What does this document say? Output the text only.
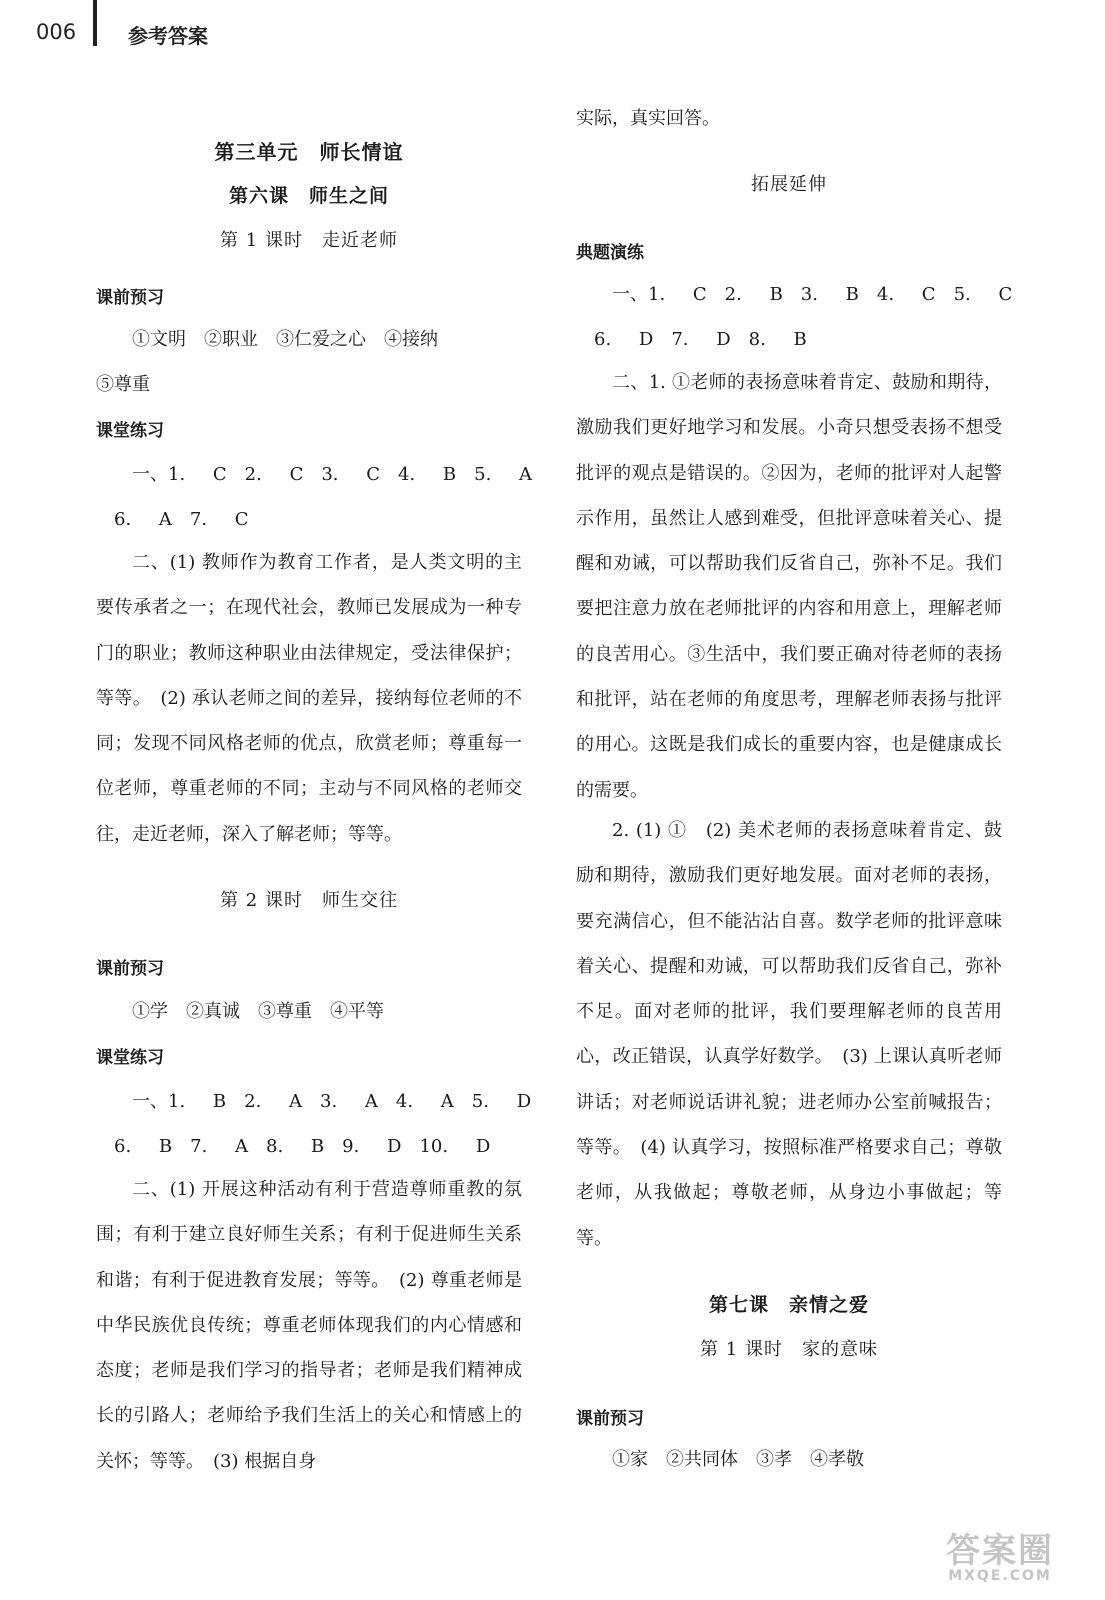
006	参考答案
第三单元　师长情谊
第六课　师生之间
第 1 课时　走近老师
课前预习
①文明　②职业　③仁爱之心　④接纳
⑤尊重
课堂练习
一、1. C　2. C　3. C　4. B　5. A
6. A　7. C

二、(1) 教师作为教育工作者，是人类文明的主要传承者之一；在现代社会，教师已发展成为一种专门的职业；教师这种职业由法律规定，受法律保护；等等。　(2) 承认老师之间的差异，接纳每位老师的不同；发现不同风格老师的优点，欣赏老师；尊重每一位老师，尊重老师的不同；主动与不同风格的老师交往，走近老师，深入了解老师；等等。

第 2 课时　师生交往
课前预习
①学　②真诚　③尊重　④平等
课堂练习
一、1. B　2. A　3. A　4. A　5. D
6. B　7. A　8. B　9. D　10. D

二、(1) 开展这种活动有利于营造尊师重教的氛围；有利于建立良好师生关系；有利于促进师生关系和谐；有利于促进教育发展；等等。　(2) 尊重老师是中华民族优良传统；尊重老师体现我们的内心情感和态度；老师是我们学习的指导者；老师是我们精神成长的引路人；老师给予我们生活上的关心和情感上的关怀；等等。　(3) 根据自身

实际，真实回答。
拓展延伸
典题演练
一、1. C　2. B　3. B　4. C　5. C
6. D　7. D　8. B

二、1. ①老师的表扬意味着肯定、鼓励和期待，激励我们更好地学习和发展。小奇只想受表扬不想受批评的观点是错误的。②因为，老师的批评对人起警示作用，虽然让人感到难受，但批评意味着关心、提醒和劝诫，可以帮助我们反省自己，弥补不足。我们要把注意力放在老师批评的内容和用意上，理解老师的良苦用心。③生活中，我们要正确对待老师的表扬和批评，站在老师的角度思考，理解老师表扬与批评的用心。这既是我们成长的重要内容，也是健康成长的需要。

2. (1) ①　(2) 美术老师的表扬意味着肯定、鼓励和期待，激励我们更好地发展。面对老师的表扬，要充满信心，但不能沾沾自喜。数学老师的批评意味着关心、提醒和劝诫，可以帮助我们反省自己，弥补不足。面对老师的批评，我们要理解老师的良苦用心，改正错误，认真学好数学。　(3) 上课认真听老师讲话；对老师说话讲礼貌；进老师办公室前喊报告；等等。　(4) 认真学习，按照标准严格要求自己；尊敬老师，从我做起；尊敬老师，从身边小事做起；等等。

第七课　亲情之爱
第 1 课时　家的意味
课前预习
①家　②共同体　③孝　④孝敬
答案圈
MXQE.COM
